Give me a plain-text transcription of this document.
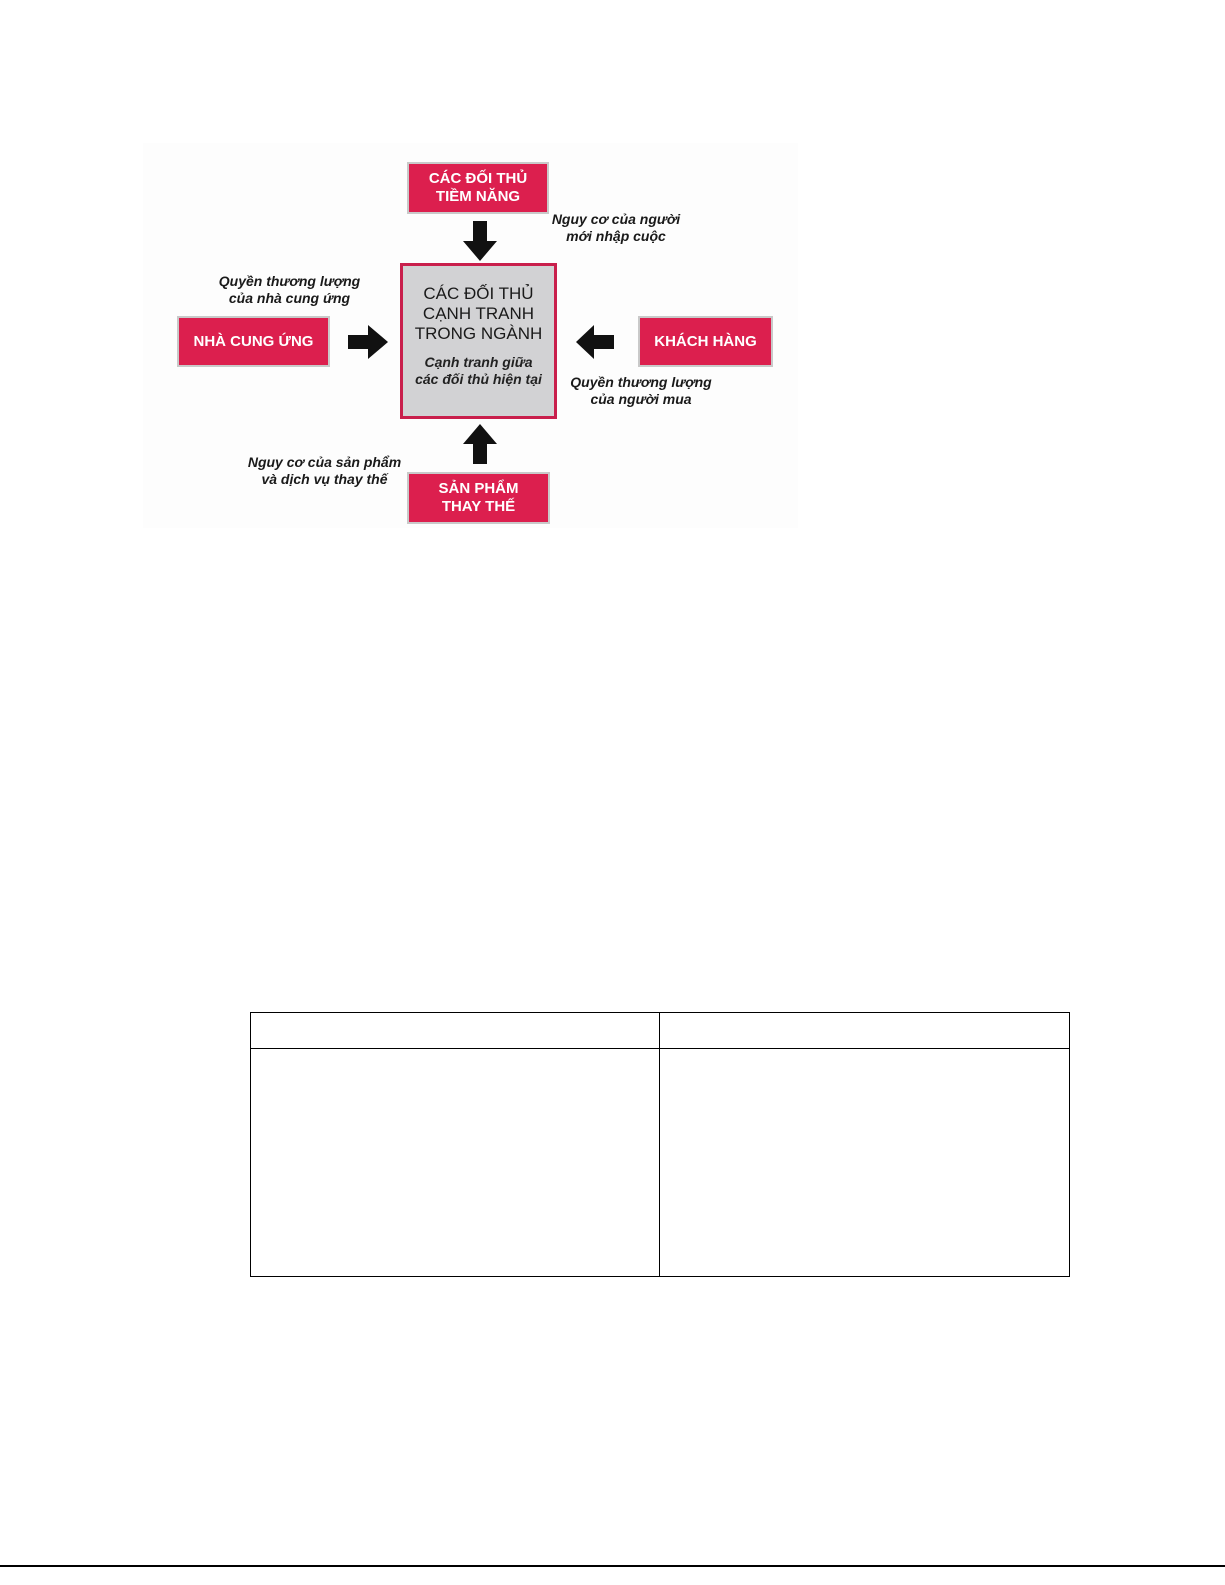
CÁC ĐỐI THỦ
TIỀM NĂNG
NHÀ CUNG ỨNG	KHÁCH HÀNG
SẢN PHẨM
THAY THẾ
CÁC ĐỐI THỦ
CẠNH TRANH
TRONG NGÀNH
Cạnh tranh giữa
các đối thủ hiện tại
Nguy cơ của người
mới nhập cuộc
Quyền thương lượng
của nhà cung ứng
Quyền thương lượng
của người mua
Nguy cơ của sản phẩm
và dịch vụ thay thế
